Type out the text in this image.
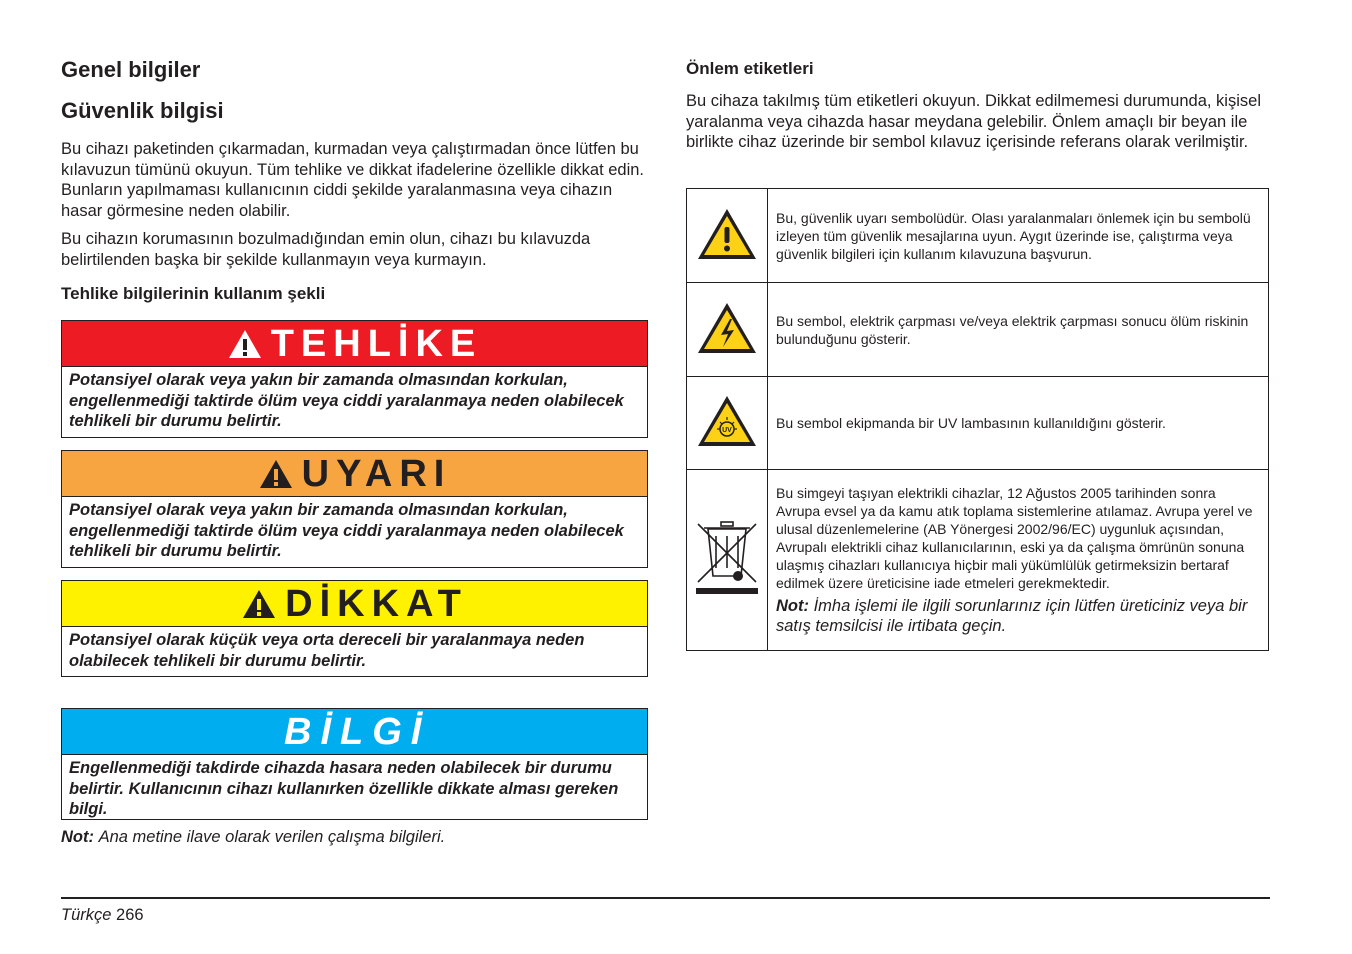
Genel bilgiler
Güvenlik bilgisi

Bu cihazı paketinden çıkarmadan, kurmadan veya çalıştırmadan önce lütfen bu kılavuzun tümünü okuyun. Tüm tehlike ve dikkat ifadelerine özellikle dikkat edin. Bunların yapılmaması kullanıcının ciddi şekilde yaralanmasına veya cihazın hasar görmesine neden olabilir.

Bu cihazın korumasının bozulmadığından emin olun, cihazı bu kılavuzda belirtilenden başka bir şekilde kullanmayın veya kurmayın.

Tehlike bilgilerinin kullanım şekli
TEHLİKE
Potansiyel olarak veya yakın bir zamanda olmasından korkulan, engellenmediği taktirde ölüm veya ciddi yaralanmaya neden olabilecek tehlikeli bir durumu belirtir.
UYARI
Potansiyel olarak veya yakın bir zamanda olmasından korkulan, engellenmediği taktirde ölüm veya ciddi yaralanmaya neden olabilecek tehlikeli bir durumu belirtir.
DİKKAT
Potansiyel olarak küçük veya orta dereceli bir yaralanmaya neden olabilecek tehlikeli bir durumu belirtir.
BİLGİ
Engellenmediği takdirde cihazda hasara neden olabilecek bir durumu belirtir. Kullanıcının cihazı kullanırken özellikle dikkate alması gereken bilgi.

Not: Ana metine ilave olarak verilen çalışma bilgileri.

Önlem etiketleri

Bu cihaza takılmış tüm etiketleri okuyun. Dikkat edilmemesi durumunda, kişisel yaralanma veya cihazda hasar meydana gelebilir. Önlem amaçlı bir beyan ile birlikte cihaz üzerinde bir sembol kılavuz içerisinde referans olarak verilmiştir.

	Bu, güvenlik uyarı sembolüdür. Olası yaralanmaları önlemek için bu sembolü izleyen tüm güvenlik mesajlarına uyun. Aygıt üzerinde ise, çalıştırma veya güvenlik bilgileri için kullanım kılavuzuna başvurun.
	Bu sembol, elektrik çarpması ve/veya elektrik çarpması sonucu ölüm riskinin bulunduğunu gösterir.

UV	Bu sembol ekipmanda bir UV lambasının kullanıldığını gösterir.

Bu simgeyi taşıyan elektrikli cihazlar, 12 Ağustos 2005 tarihinden sonra Avrupa evsel ya da kamu atık toplama sistemlerine atılamaz. Avrupa yerel ve ulusal düzenlemelerine (AB Yönergesi 2002/96/EC) uygunluk açısından, Avrupalı elektrikli cihaz kullanıcılarının, eski ya da çalışma ömrünün sonuna ulaşmış cihazları kullanıcıya hiçbir mali yükümlülük getirmeksizin bertaraf edilmek üzere üreticisine iade etmeleri gerekmektedir.
Not: İmha işlemi ile ilgili sorunlarınız için lütfen üreticiniz veya bir satış temsilcisi ile irtibata geçin.
Türkçe 266
